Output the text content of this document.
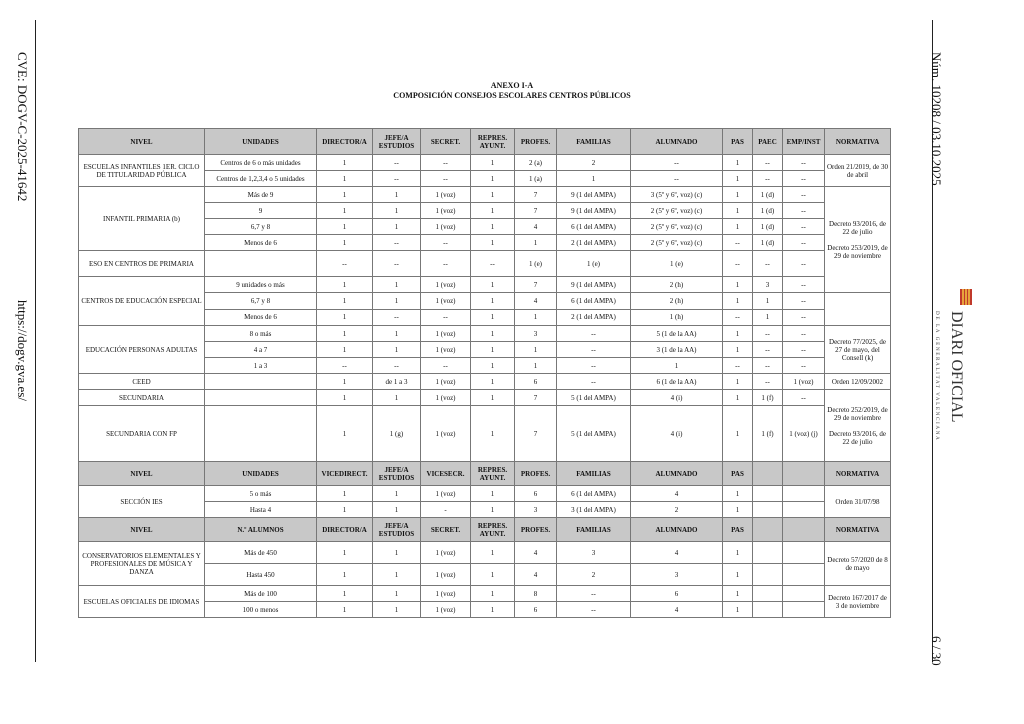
CVE: DOGV-C-2025-41642
https://dogv.gva.es/
Núm. 10208 / 03.10.2025
6 / 30
DIARI OFICIAL
DE LA GENERALITAT VALENCIANA
ANEXO I-A
COMPOSICIÓN CONSEJOS ESCOLARES CENTROS PÚBLICOS
NIVEL	UNIDADES	DIRECTOR/A	JEFE/A ESTUDIOS	SECRET.	REPRES. AYUNT.	PROFES.	FAMILIAS	ALUMNADO	PAS	PAEC	EMP/INST	NORMATIVA	
ESCUELAS INFANTILES 1ER. CICLO DE TITULARIDAD PÚBLICA	Centros de 6 o más unidades	1	--	--	1	2 (a)	2	--	1	--	--	Orden 21/2019, de 30 de abril	
	Centros de 1,2,3,4 o 5 unidades	1	--	--	1	1 (a)	1	--	1	--	--		
INFANTIL PRIMARIA (b)	Más de 9	1	1	1 (voz)	1	7	9 (1 del AMPA)	3 (5º y 6º, voz) (c)	1	1 (d)	--	Decreto 93/2016, de 22 de julio

Decreto 253/2019, de 29 de noviembre	
	9	1	1	1 (voz)	1	7	9 (1 del AMPA)	2 (5º y 6º, voz) (c)	1	1 (d)	--		
	6,7 y 8	1	1	1 (voz)	1	4	6 (1 del AMPA)	2 (5º y 6º, voz) (c)	1	1 (d)	--		
	Menos de 6	1	--	--	1	1	2 (1 del AMPA)	2 (5º y 6º, voz) (c)	--	1 (d)	--		
ESO EN CENTROS DE PRIMARIA		--	--	--	--	1 (e)	1 (e)	1 (e)	--	--	--		
CENTROS DE EDUCACIÓN ESPECIAL	9 unidades o más	1	1	1 (voz)	1	7	9 (1 del AMPA)	2 (h)	1	3	--	
	6,7 y 8	1	1	1 (voz)	1	4	6 (1 del AMPA)	2 (h)	1	1	--		
	Menos de 6	1	--	--	1	1	2 (1 del AMPA)	1 (h)	--	1	--		
EDUCACIÓN PERSONAS ADULTAS	8 o más	1	1	1 (voz)	1	3	--	5 (1 de la AA)	1	--	--	Decreto 77/2025, de 27 de mayo, del Consell (k)	
	4 a 7	1	1	1 (voz)	1	1	--	3 (1 de la AA)	1	--	--		
	1 a 3	--	--	--	1	1	--	1	--	--	--		
CEED		1	de 1 a 3	1 (voz)	1	6	--	6 (1 de la AA)	1	--	1 (voz)	Orden 12/09/2002	
SECUNDARIA		1	1	1 (voz)	1	7	5 (1 del AMPA)	4 (i)	1	1 (f)	--	Decreto 252/2019, de 29 de noviembre

Decreto 93/2016, de 22 de julio	
SECUNDARIA CON FP		1	1 (g)	1 (voz)	1	7	5 (1 del AMPA)	4 (i)	1	1 (f)	1 (voz) (j)		
NIVEL	UNIDADES	VICEDIRECT.	JEFE/A ESTUDIOS	VICESECR.	REPRES. AYUNT.	PROFES.	FAMILIAS	ALUMNADO	PAS			NORMATIVA	
SECCIÓN IES	5 o más	1	1	1 (voz)	1	6	6 (1 del AMPA)	4	1			Orden 31/07/98	
	Hasta 4	1	1	-	1	3	3 (1 del AMPA)	2	1				
NIVEL	N.º ALUMNOS	DIRECTOR/A	JEFE/A ESTUDIOS	SECRET.	REPRES. AYUNT.	PROFES.	FAMILIAS	ALUMNADO	PAS			NORMATIVA	
CONSERVATORIOS ELEMENTALES Y PROFESIONALES DE MÚSICA Y DANZA	Más de 450	1	1	1 (voz)	1	4	3	4	1			Decreto 57/2020 de 8 de mayo	
	Hasta 450	1	1	1 (voz)	1	4	2	3	1				
ESCUELAS OFICIALES DE IDIOMAS	Más de 100	1	1	1 (voz)	1	8	--	6	1			Decreto 167/2017 de 3 de noviembre	
	100 o menos	1	1	1 (voz)	1	6	--	4	1				
